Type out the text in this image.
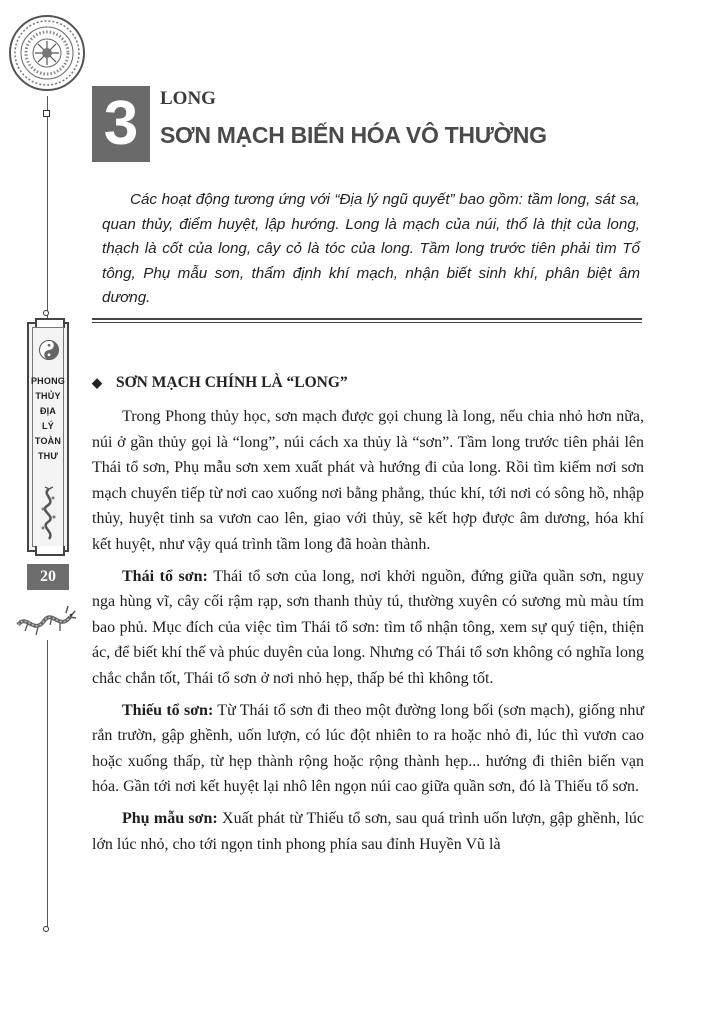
PHONG
THỦY
ĐỊA
LÝ
TOÀN
THƯ
20
3	LONG
SƠN MẠCH BIẾN HÓA VÔ THƯỜNG

Các hoạt động tương ứng với “Địa lý ngũ quyết” bao gồm: tầm long, sát sa, quan thủy, điểm huyệt, lập hướng. Long là mạch của núi, thổ là thịt của long, thạch là cốt của long, cây cỏ là tóc của long. Tầm long trước tiên phải tìm Tổ tông, Phụ mẫu sơn, thẩm định khí mạch, nhận biết sinh khí, phân biệt âm dương.

◆ SƠN MẠCH CHÍNH LÀ “LONG”

Trong Phong thủy học, sơn mạch được gọi chung là long, nếu chia nhỏ hơn nữa, núi ở gần thủy gọi là “long”, núi cách xa thủy là “sơn”. Tầm long trước tiên phải lên Thái tổ sơn, Phụ mẫu sơn xem xuất phát và hướng đi của long. Rồi tìm kiếm nơi sơn mạch chuyển tiếp từ nơi cao xuống nơi bằng phẳng, thúc khí, tới nơi có sông hồ, nhập thủy, huyệt tinh sa vươn cao lên, giao với thủy, sẽ kết hợp được âm dương, hóa khí kết huyệt, như vậy quá trình tầm long đã hoàn thành.

Thái tổ sơn: Thái tổ sơn của long, nơi khởi nguồn, đứng giữa quần sơn, nguy nga hùng vĩ, cây cối rậm rạp, sơn thanh thủy tú, thường xuyên có sương mù màu tím bao phủ. Mục đích của việc tìm Thái tổ sơn: tìm tổ nhận tông, xem sự quý tiện, thiện ác, để biết khí thế và phúc duyên của long. Nhưng có Thái tổ sơn không có nghĩa long chắc chắn tốt, Thái tổ sơn ở nơi nhỏ hẹp, thấp bé thì không tốt.

Thiếu tổ sơn: Từ Thái tổ sơn đi theo một đường long bối (sơn mạch), giống như rắn trườn, gập ghềnh, uốn lượn, có lúc đột nhiên to ra hoặc nhỏ đi, lúc thì vươn cao hoặc xuống thấp, từ hẹp thành rộng hoặc rộng thành hẹp... hướng đi thiên biến vạn hóa. Gần tới nơi kết huyệt lại nhô lên ngọn núi cao giữa quần sơn, đó là Thiếu tổ sơn.

Phụ mẫu sơn: Xuất phát từ Thiếu tổ sơn, sau quá trình uốn lượn, gập ghềnh, lúc lớn lúc nhỏ, cho tới ngọn tinh phong phía sau đỉnh Huyền Vũ là
